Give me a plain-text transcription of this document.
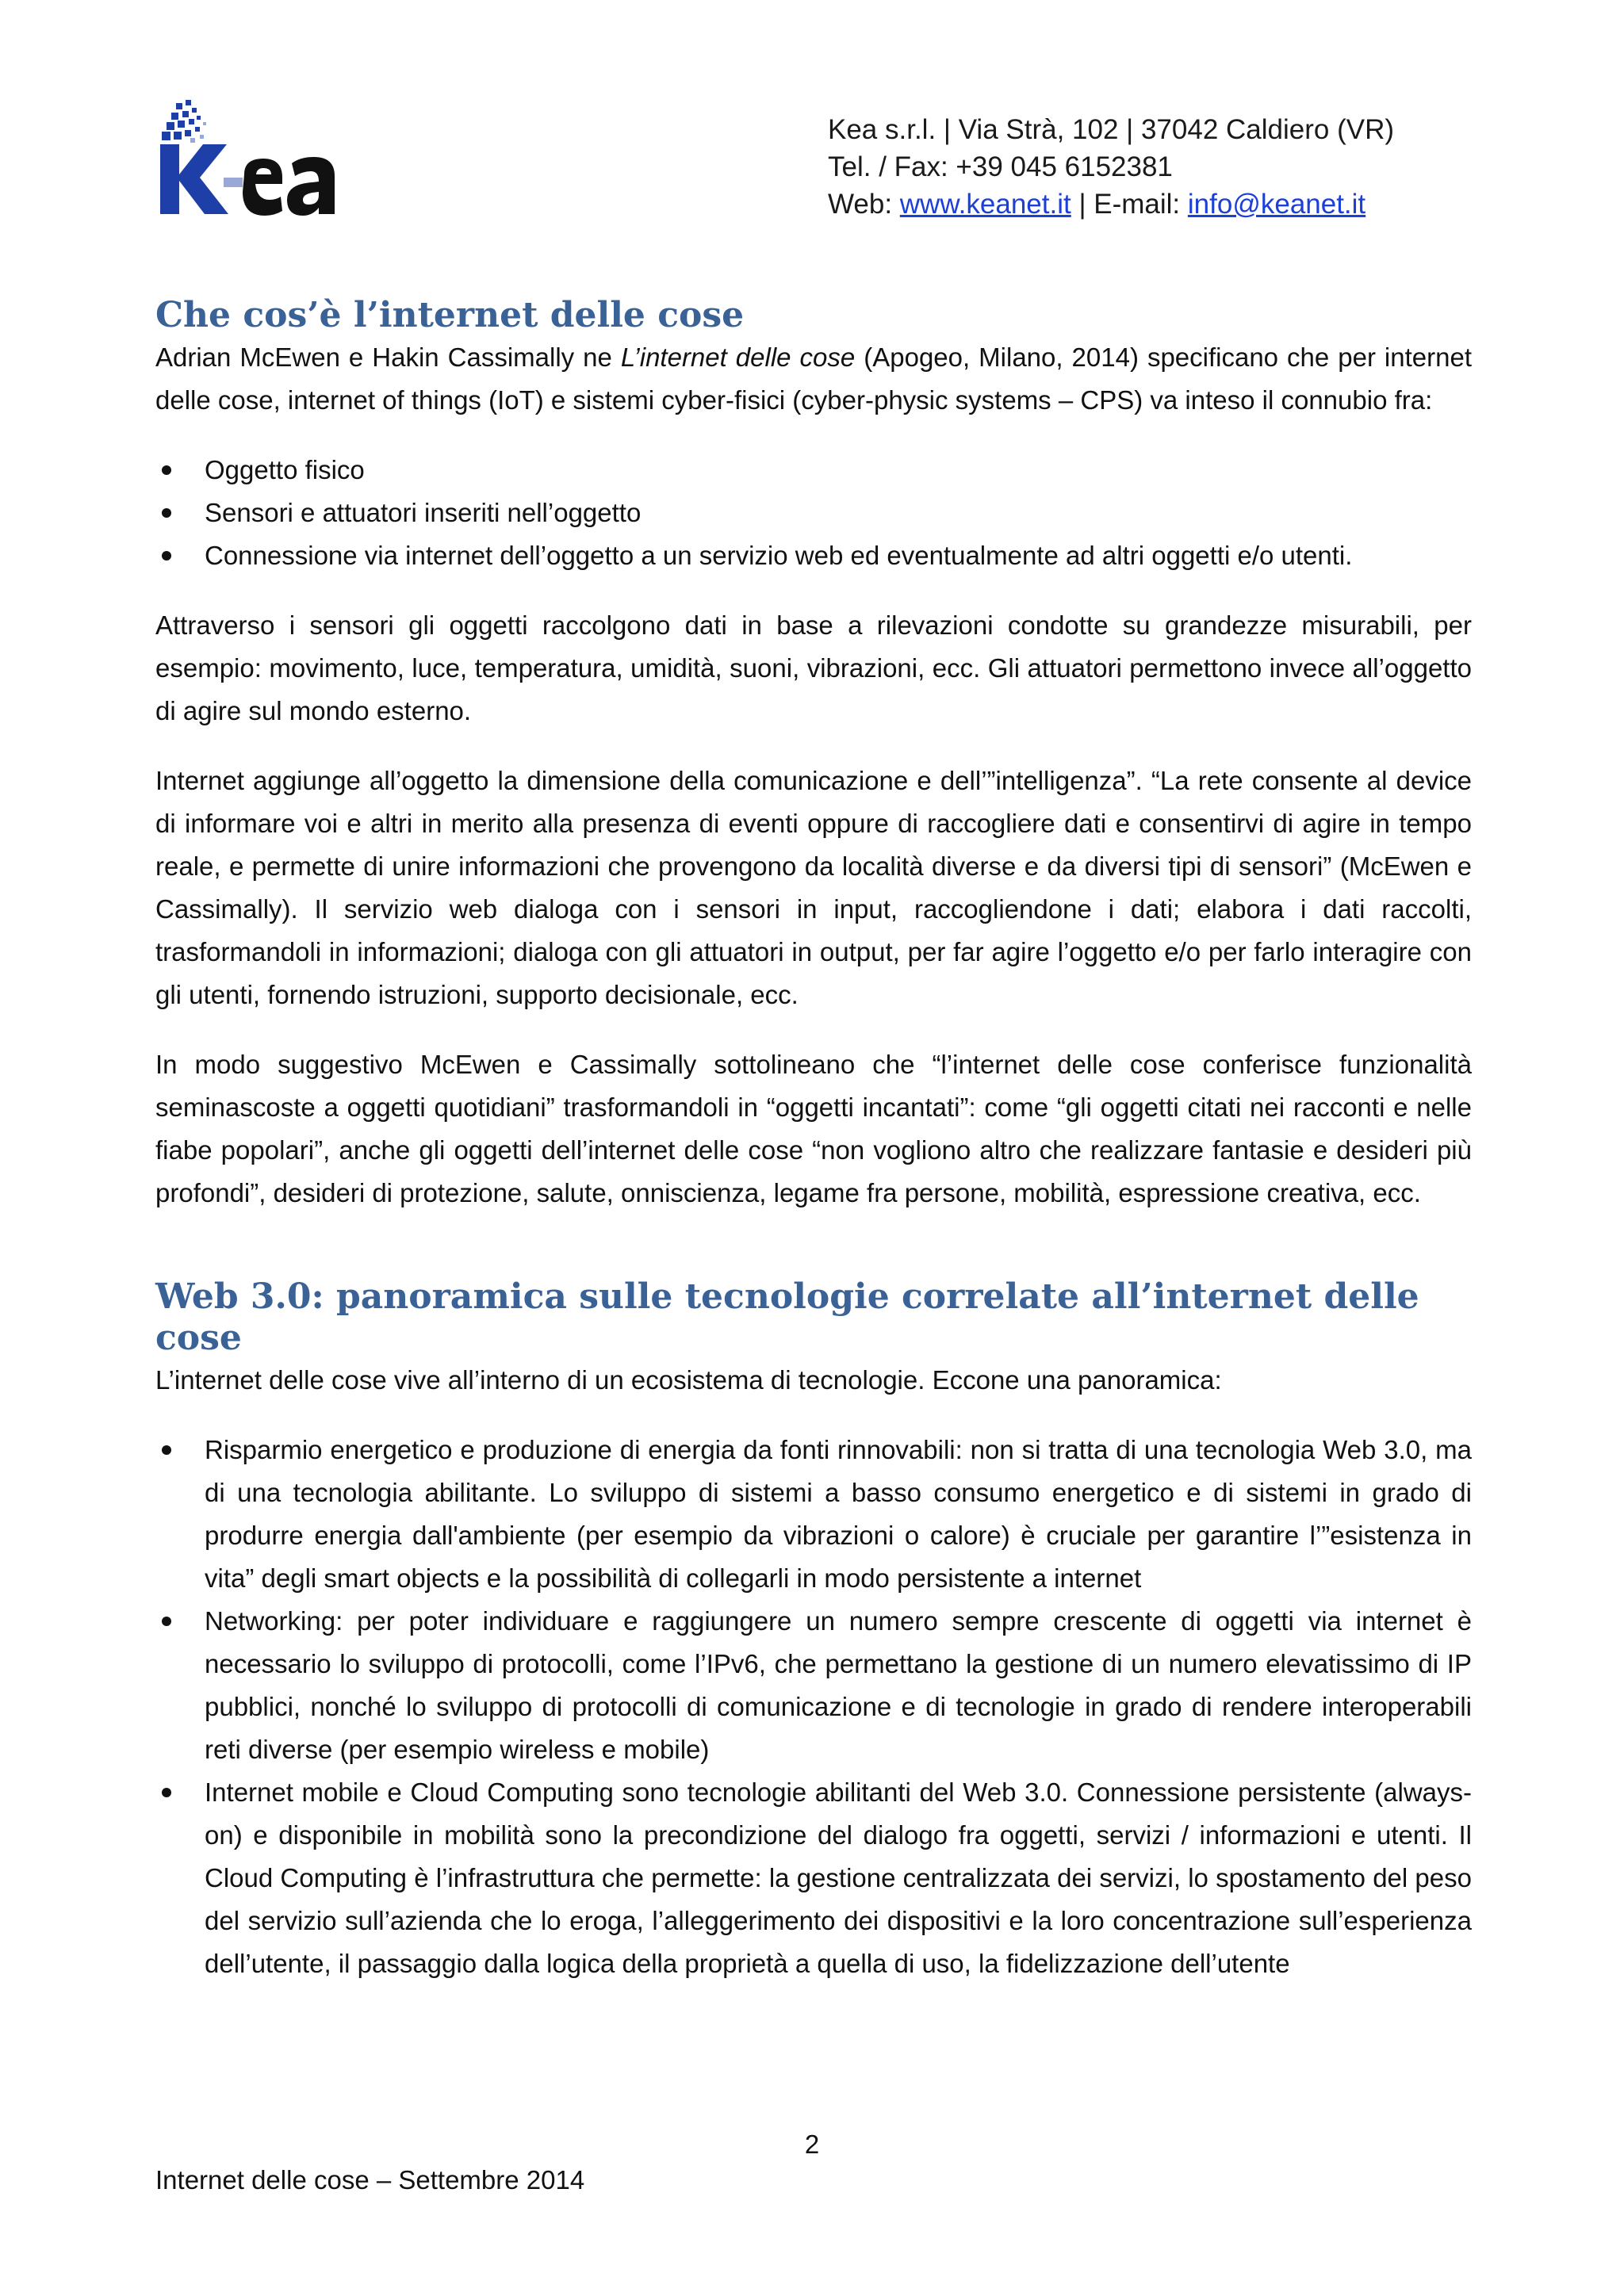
Kea s.r.l. | Via Strà, 102 | 37042 Caldiero (VR)
Tel. / Fax: +39 045 6152381
Web: www.keanet.it | E-mail: info@keanet.it
Che cos’è l’internet delle cose

Adrian McEwen e Hakin Cassimally ne L’internet delle cose (Apogeo, Milano, 2014) specificano che per internet delle cose, internet of things (IoT) e sistemi cyber-fisici (cyber-physic systems – CPS) va inteso il connubio fra:

Oggetto fisico
Sensori e attuatori inseriti nell’oggetto
Connessione via internet dell’oggetto a un servizio web ed eventualmente ad altri oggetti e/o utenti.

Attraverso i sensori gli oggetti raccolgono dati in base a rilevazioni condotte su grandezze misurabili, per esempio: movimento, luce, temperatura, umidità, suoni, vibrazioni, ecc. Gli attuatori permettono invece all’oggetto di agire sul mondo esterno.

Internet aggiunge all’oggetto la dimensione della comunicazione e dell’”intelligenza”. “La rete consente al device di informare voi e altri in merito alla presenza di eventi oppure di raccogliere dati e consentirvi di agire in tempo reale, e permette di unire informazioni che provengono da località diverse e da diversi tipi di sensori” (McEwen e Cassimally). Il servizio web dialoga con i sensori in input, raccogliendone i dati; elabora i dati raccolti, trasformandoli in informazioni; dialoga con gli attuatori in output, per far agire l’oggetto e/o per farlo interagire con gli utenti, fornendo istruzioni, supporto decisionale, ecc.

In modo suggestivo McEwen e Cassimally sottolineano che “l’internet delle cose conferisce funzionalità seminascoste a oggetti quotidiani” trasformandoli in “oggetti incantati”: come “gli oggetti citati nei racconti e nelle fiabe popolari”, anche gli oggetti dell’internet delle cose “non vogliono altro che realizzare fantasie e desideri più profondi”, desideri di protezione, salute, onniscienza, legame fra persone, mobilità, espressione creativa, ecc.

Web 3.0: panoramica sulle tecnologie correlate all’internet delle cose

L’internet delle cose vive all’interno di un ecosistema di tecnologie. Eccone una panoramica:

Risparmio energetico e produzione di energia da fonti rinnovabili: non si tratta di una tecnologia Web 3.0, ma di una tecnologia abilitante. Lo sviluppo di sistemi a basso consumo energetico e di sistemi in grado di produrre energia dall'ambiente (per esempio da vibrazioni o calore) è cruciale per garantire l’”esistenza in vita” degli smart objects e la possibilità di collegarli in modo persistente a internet
Networking: per poter individuare e raggiungere un numero sempre crescente di oggetti via internet è necessario lo sviluppo di protocolli, come l’IPv6, che permettano la gestione di un numero elevatissimo di IP pubblici, nonché lo sviluppo di protocolli di comunicazione e di tecnologie in grado di rendere interoperabili reti diverse (per esempio wireless e mobile)
Internet mobile e Cloud Computing sono tecnologie abilitanti del Web 3.0. Connessione persistente (always-on) e disponibile in mobilità sono la precondizione del dialogo fra oggetti, servizi / informazioni e utenti. Il Cloud Computing è l’infrastruttura che permette: la gestione centralizzata dei servizi, lo spostamento del peso del servizio sull’azienda che lo eroga, l’alleggerimento dei dispositivi e la loro concentrazione sull’esperienza dell’utente, il passaggio dalla logica della proprietà a quella di uso, la fidelizzazione dell’utente
2
Internet delle cose – Settembre 2014
